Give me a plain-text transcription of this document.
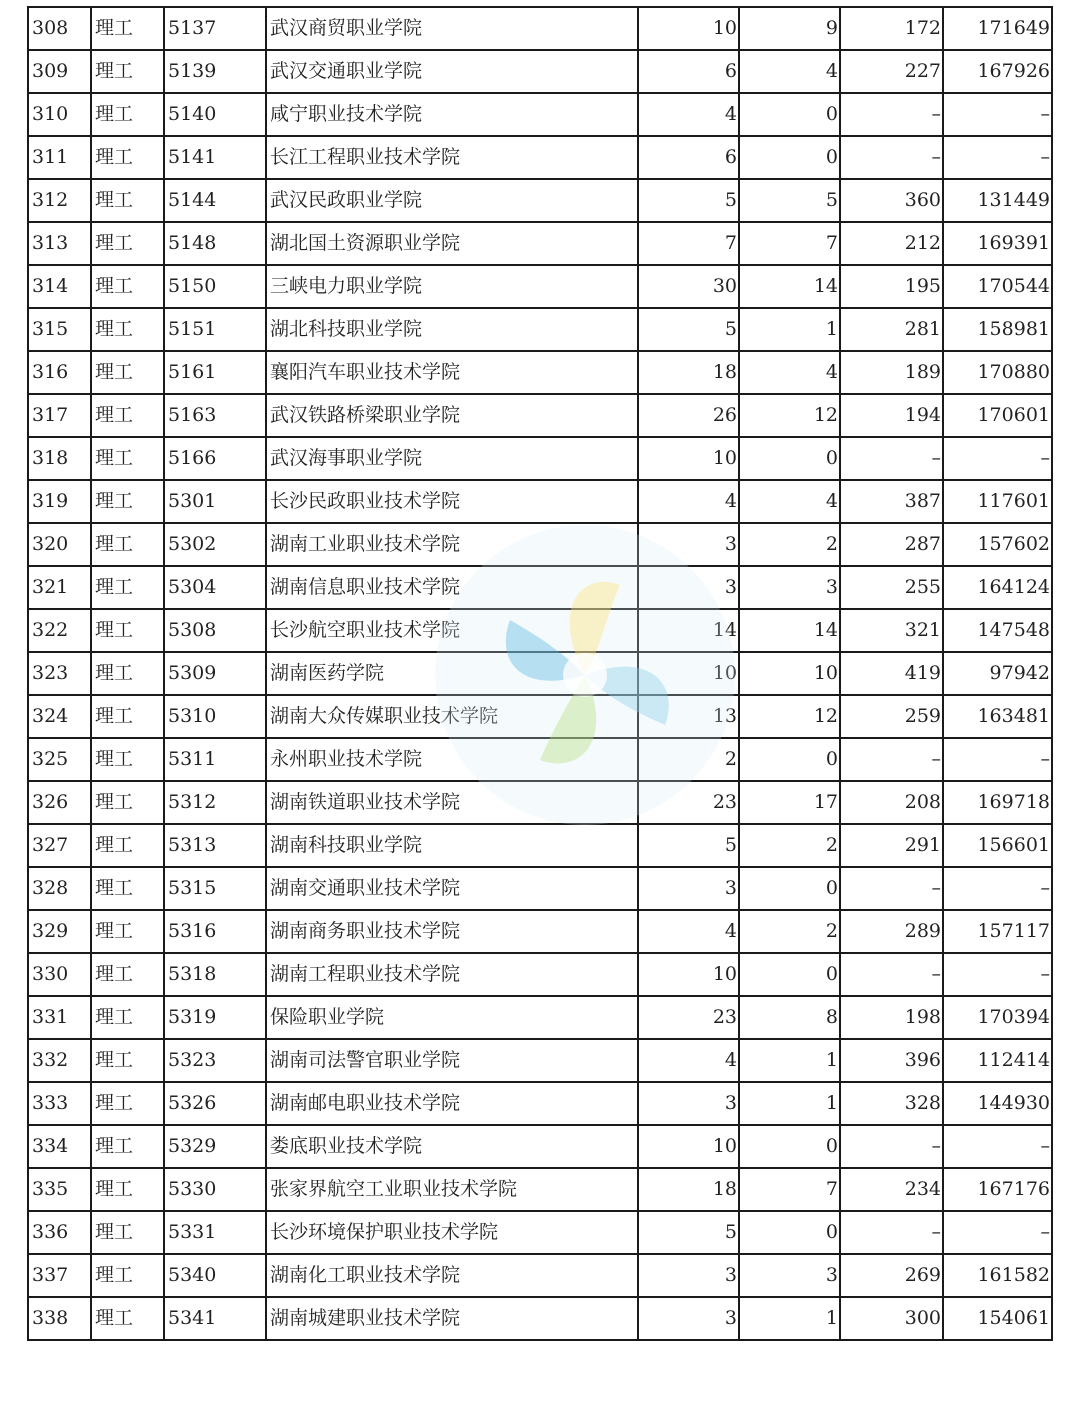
308	理工	5137	武汉商贸职业学院	10	9	172	171649
309	理工	5139	武汉交通职业学院	6	4	227	167926
310	理工	5140	咸宁职业技术学院	4	0	–	–
311	理工	5141	长江工程职业技术学院	6	0	–	–
312	理工	5144	武汉民政职业学院	5	5	360	131449
313	理工	5148	湖北国土资源职业学院	7	7	212	169391
314	理工	5150	三峡电力职业学院	30	14	195	170544
315	理工	5151	湖北科技职业学院	5	1	281	158981
316	理工	5161	襄阳汽车职业技术学院	18	4	189	170880
317	理工	5163	武汉铁路桥梁职业学院	26	12	194	170601
318	理工	5166	武汉海事职业学院	10	0	–	–
319	理工	5301	长沙民政职业技术学院	4	4	387	117601
320	理工	5302	湖南工业职业技术学院	3	2	287	157602
321	理工	5304	湖南信息职业技术学院	3	3	255	164124
322	理工	5308	长沙航空职业技术学院	14	14	321	147548
323	理工	5309	湖南医药学院	10	10	419	97942
324	理工	5310	湖南大众传媒职业技术学院	13	12	259	163481
325	理工	5311	永州职业技术学院	2	0	–	–
326	理工	5312	湖南铁道职业技术学院	23	17	208	169718
327	理工	5313	湖南科技职业学院	5	2	291	156601
328	理工	5315	湖南交通职业技术学院	3	0	–	–
329	理工	5316	湖南商务职业技术学院	4	2	289	157117
330	理工	5318	湖南工程职业技术学院	10	0	–	–
331	理工	5319	保险职业学院	23	8	198	170394
332	理工	5323	湖南司法警官职业学院	4	1	396	112414
333	理工	5326	湖南邮电职业技术学院	3	1	328	144930
334	理工	5329	娄底职业技术学院	10	0	–	–
335	理工	5330	张家界航空工业职业技术学院	18	7	234	167176
336	理工	5331	长沙环境保护职业技术学院	5	0	–	–
337	理工	5340	湖南化工职业技术学院	3	3	269	161582
338	理工	5341	湖南城建职业技术学院	3	1	300	154061
